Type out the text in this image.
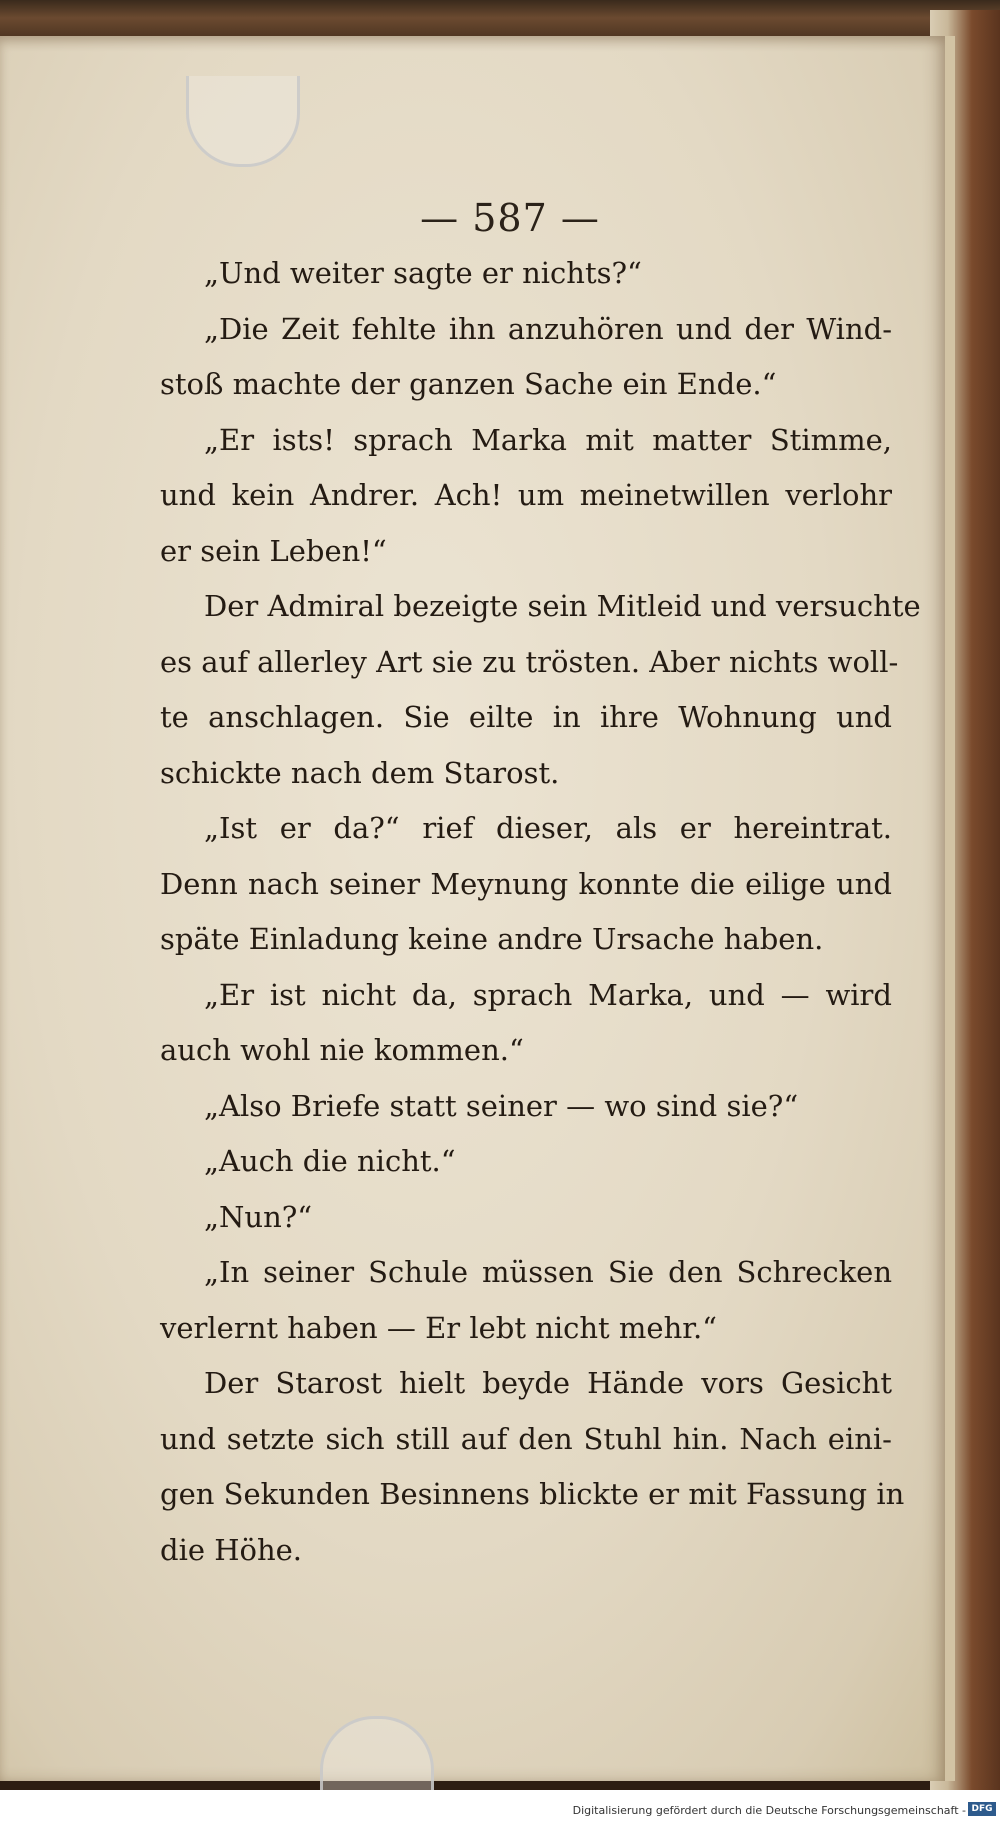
— 587 —
„Und weiter sagte er nichts?“
„Die Zeit fehlte ihn anzuhören und der Wind-
stoß machte der ganzen Sache ein Ende.“
„Er ists! sprach Marka mit matter Stimme,
und kein Andrer. Ach! um meinetwillen verlohr
er sein Leben!“
Der Admiral bezeigte sein Mitleid und versuchte
es auf allerley Art sie zu trösten. Aber nichts woll-
te anschlagen. Sie eilte in ihre Wohnung und
schickte nach dem Starost.
„Ist er da?“ rief dieser, als er hereintrat.
Denn nach seiner Meynung konnte die eilige und
späte Einladung keine andre Ursache haben.
„Er ist nicht da, sprach Marka, und — wird
auch wohl nie kommen.“
„Also Briefe statt seiner — wo sind sie?“
„Auch die nicht.“
„Nun?“
„In seiner Schule müssen Sie den Schrecken
verlernt haben — Er lebt nicht mehr.“
Der Starost hielt beyde Hände vors Gesicht
und setzte sich still auf den Stuhl hin. Nach eini-
gen Sekunden Besinnens blickte er mit Fassung in
die Höhe.
Digitalisierung gefördert durch die Deutsche Forschungsgemeinschaft - DFG
